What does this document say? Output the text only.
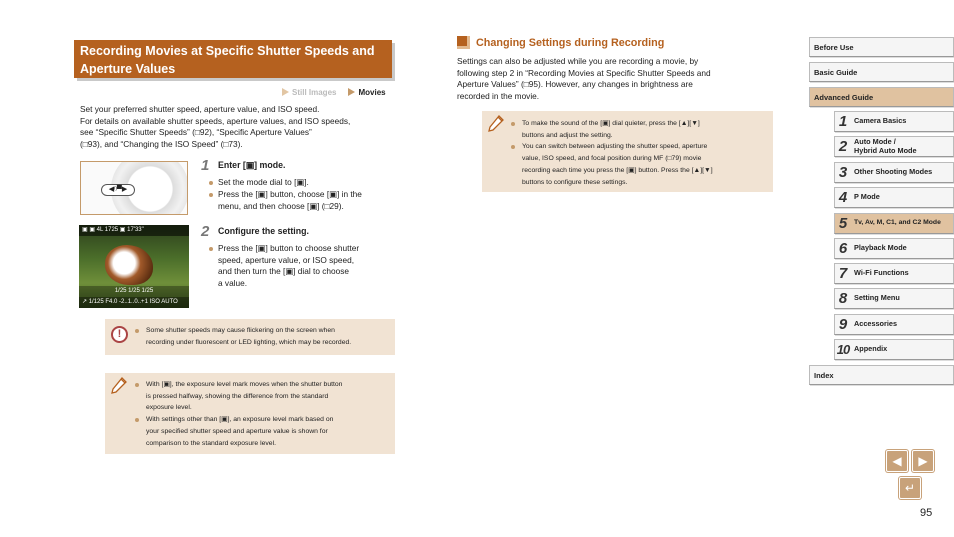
Recording Movies at Specific Shutter Speeds and Aperture Values
Still Images	Movies
Set your preferred shutter speed, aperture value, and ISO speed.
For details on available shutter speeds, aperture values, and ISO speeds,
see “Specific Shutter Speeds” (□92), “Specific Aperture Values”
(□93), and “Changing the ISO Speed” (□73).
◀ᵑ▀▶
1 Enter [▣] mode.
Set the mode dial to [▣].
Press the [▣] button, choose [▣] in the
menu, and then choose [▣] (□29).
▣ ▣ 4L 1725 ▣ 17'33"
1/25 1/25 1/25
↗ 1/125 F4.0 -2..1..0..+1 ISO AUTO
2 Configure the setting.
Press the [▣] button to choose shutter
speed, aperture value, or ISO speed,
and then turn the [▣] dial to choose
a value.
!	Some shutter speeds may cause flickering on the screen when
recording under fluorescent or LED lighting, which may be recorded.
With [▣], the exposure level mark moves when the shutter button
is pressed halfway, showing the difference from the standard
exposure level.
With settings other than [▣], an exposure level mark based on
your specified shutter speed and aperture value is shown for
comparison to the standard exposure level.
Changing Settings during Recording
Settings can also be adjusted while you are recording a movie, by
following step 2 in “Recording Movies at Specific Shutter Speeds and
Aperture Values” (□95). However, any changes in brightness are
recorded in the movie.
To make the sound of the [▣] dial quieter, press the [▲][▼]
buttons and adjust the setting.
You can switch between adjusting the shutter speed, aperture
value, ISO speed, and focal position during MF (□79) movie
recording each time you press the [▣] button. Press the [▲][▼]
buttons to configure these settings.
Before Use
Basic Guide
Advanced Guide
1 Camera Basics
2 Auto Mode /
Hybrid Auto Mode
3 Other Shooting Modes
4 P Mode
5	Tv, Av, M, C1, and C2 Mode
6 Playback Mode
7 Wi-Fi Functions
8 Setting Menu
9 Accessories
10 Appendix
Index
◀	▶
↵
95
